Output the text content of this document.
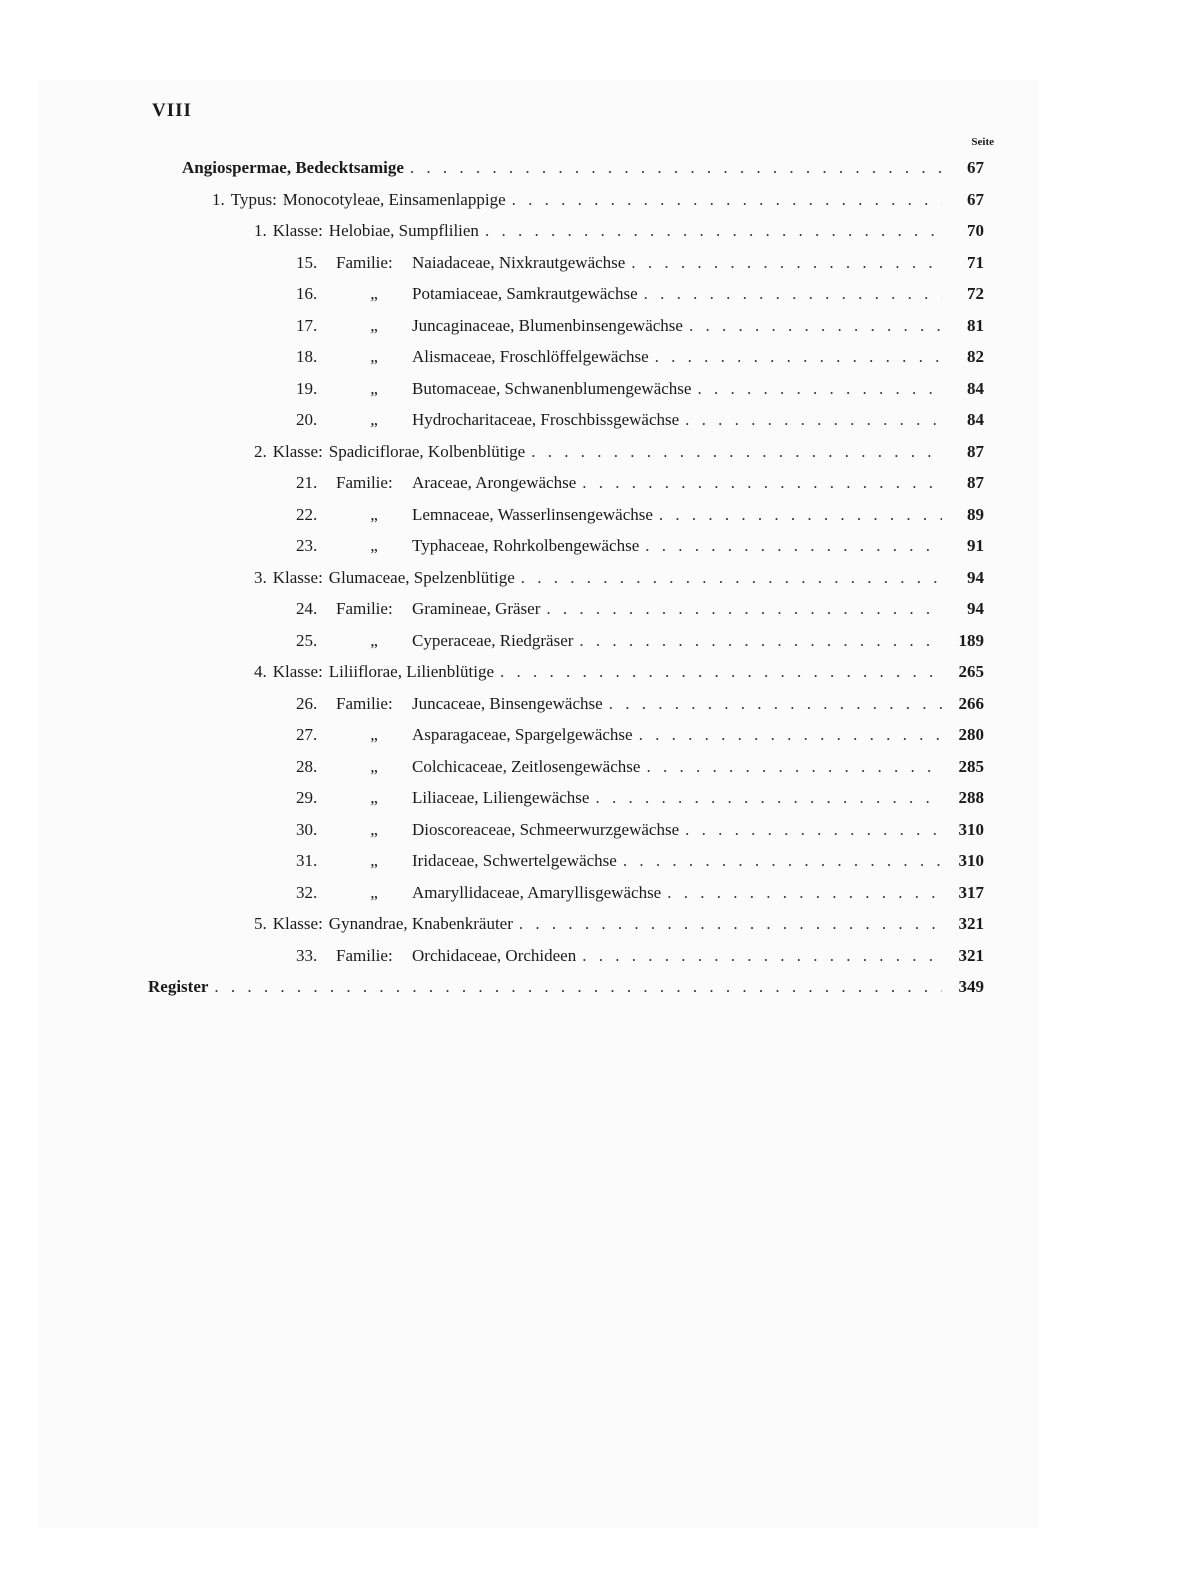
VIII
Seite
Angiospermae, Bedecktsamige . . .	67
1. Typus: Monocotyleae, Einsamenlappige . . .	67
1. Klasse: Helobiae, Sumpflilien . . .	70
15.	Familie:	Naiadaceae, Nixkrautgewächse . . .	71
16.	„	Potamiaceae, Samkrautgewächse . . .	72
17.	„	Juncaginaceae, Blumenbinsengewächse . . .	81
18.	„	Alismaceae, Froschlöffelgewächse . . .	82
19.	„	Butomaceae, Schwanenblumengewächse . . .	84
20.	„	Hydrocharitaceae, Froschbissgewächse . . .	84
2. Klasse: Spadiciflorae, Kolbenblütige . . .	87
21.	Familie:	Araceae, Arongewächse . . .	87
22.	„	Lemnaceae, Wasserlinsengewächse . . .	89
23.	„	Typhaceae, Rohrkolbengewächse . . .	91
3. Klasse: Glumaceae, Spelzenblütige . . .	94
24.	Familie:	Gramineae, Gräser . . .	94
25.	„	Cyperaceae, Riedgräser . . .	189
4. Klasse: Liliiflorae, Lilienblütige . . .	265
26.	Familie:	Juncaceae, Binsengewächse . . .	266
27.	„	Asparagaceae, Spargelgewächse . . .	280
28.	„	Colchicaceae, Zeitlosengewächse . . .	285
29.	„	Liliaceae, Liliengewächse . . .	288
30.	„	Dioscoreaceae, Schmeerwurzgewächse . . .	310
31.	„	Iridaceae, Schwertelgewächse . . .	310
32.	„	Amaryllidaceae, Amaryllisgewächse . . .	317
5. Klasse: Gynandrae, Knabenkräuter . . .	321
33.	Familie:	Orchidaceae, Orchideen . . .	321
Register . . .	349
